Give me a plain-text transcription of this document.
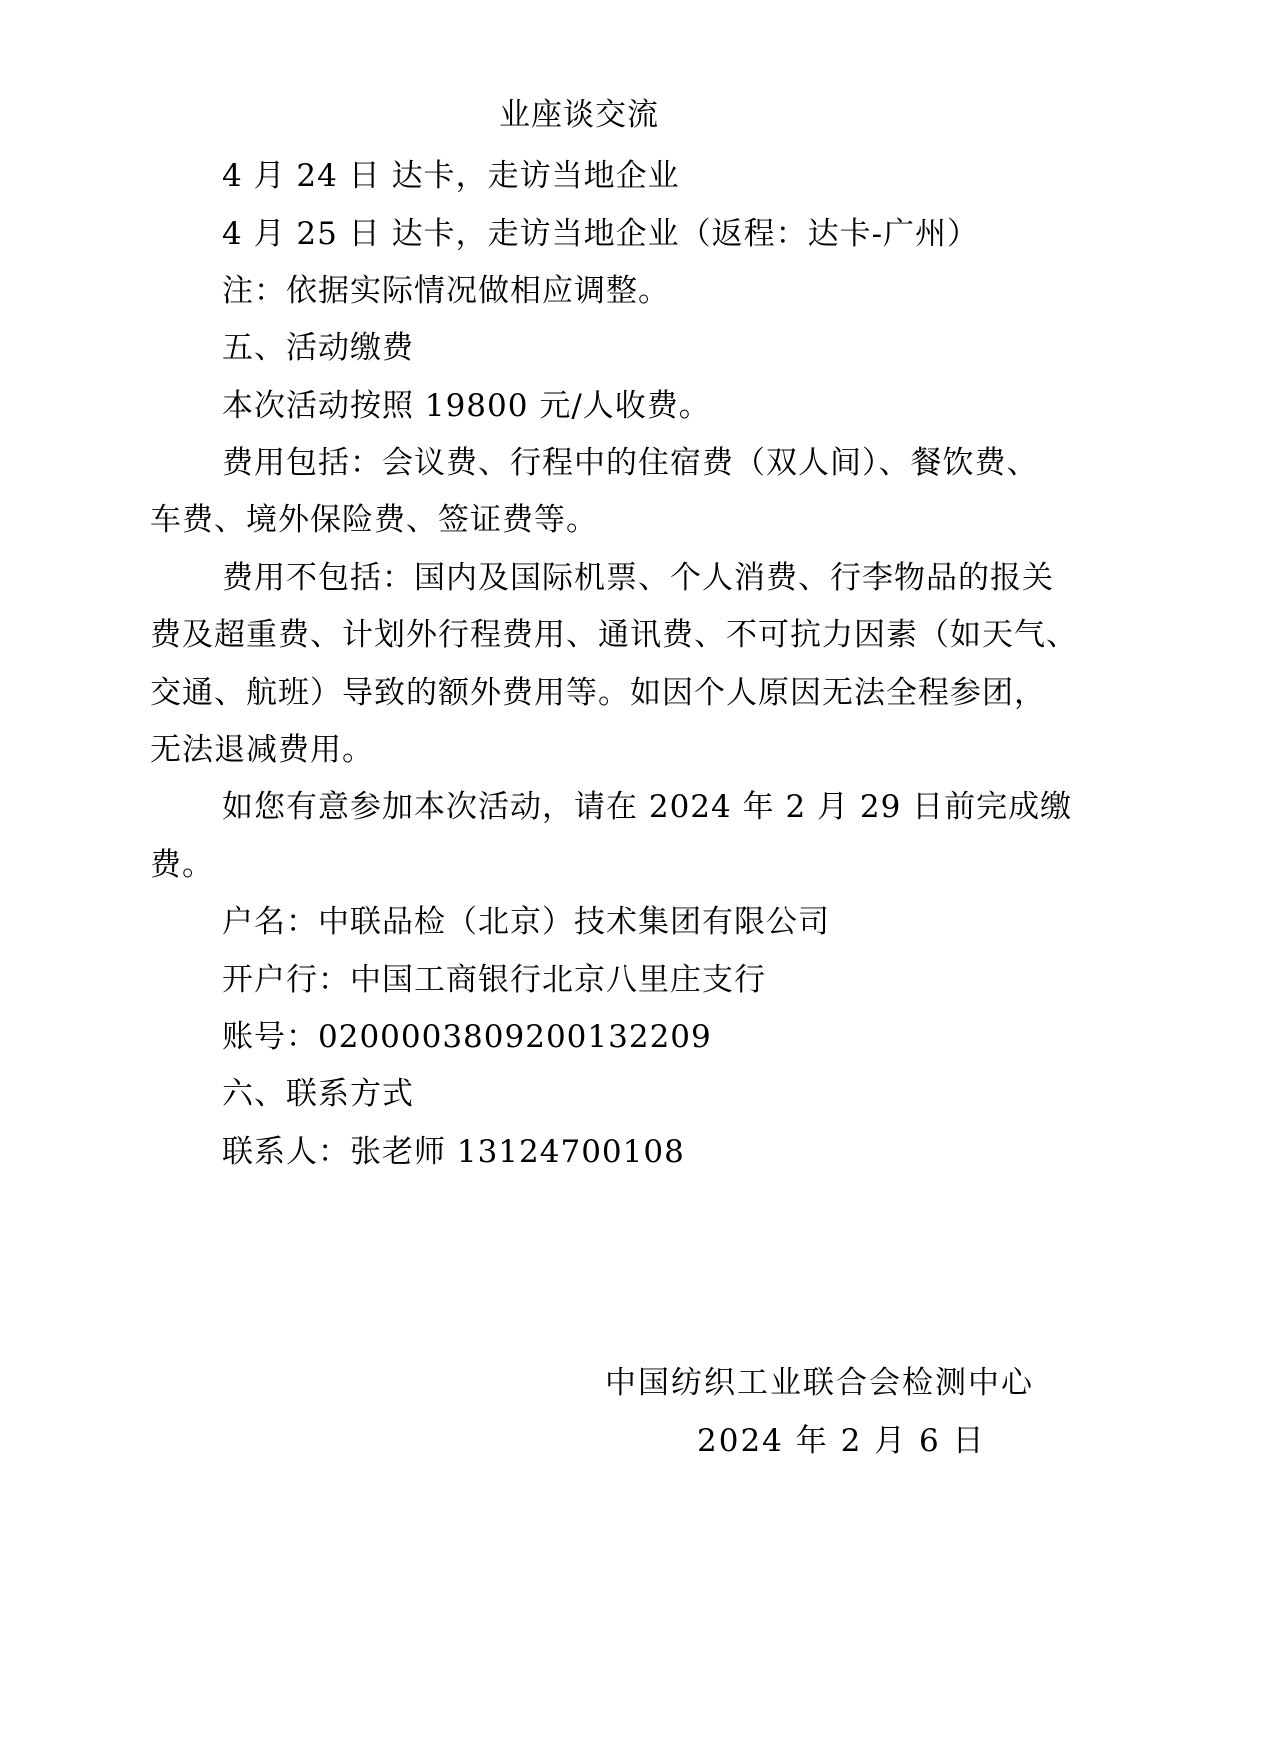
业座谈交流
4 月 24 日 达卡，走访当地企业
4 月 25 日 达卡，走访当地企业（返程：达卡-广州）
注：依据实际情况做相应调整。
五、活动缴费
本次活动按照 19800 元/人收费。
费用包括：会议费、行程中的住宿费（双人间）、餐饮费、
车费、境外保险费、签证费等。
费用不包括：国内及国际机票、个人消费、行李物品的报关
费及超重费、计划外行程费用、通讯费、不可抗力因素（如天气、
交通、航班）导致的额外费用等。如因个人原因无法全程参团，
无法退减费用。
如您有意参加本次活动，请在 2024 年 2 月 29 日前完成缴
费。
户名：中联品检（北京）技术集团有限公司
开户行：中国工商银行北京八里庄支行
账号：0200003809200132209
六、联系方式
联系人：张老师 13124700108
中国纺织工业联合会检测中心
2024 年 2 月 6 日
